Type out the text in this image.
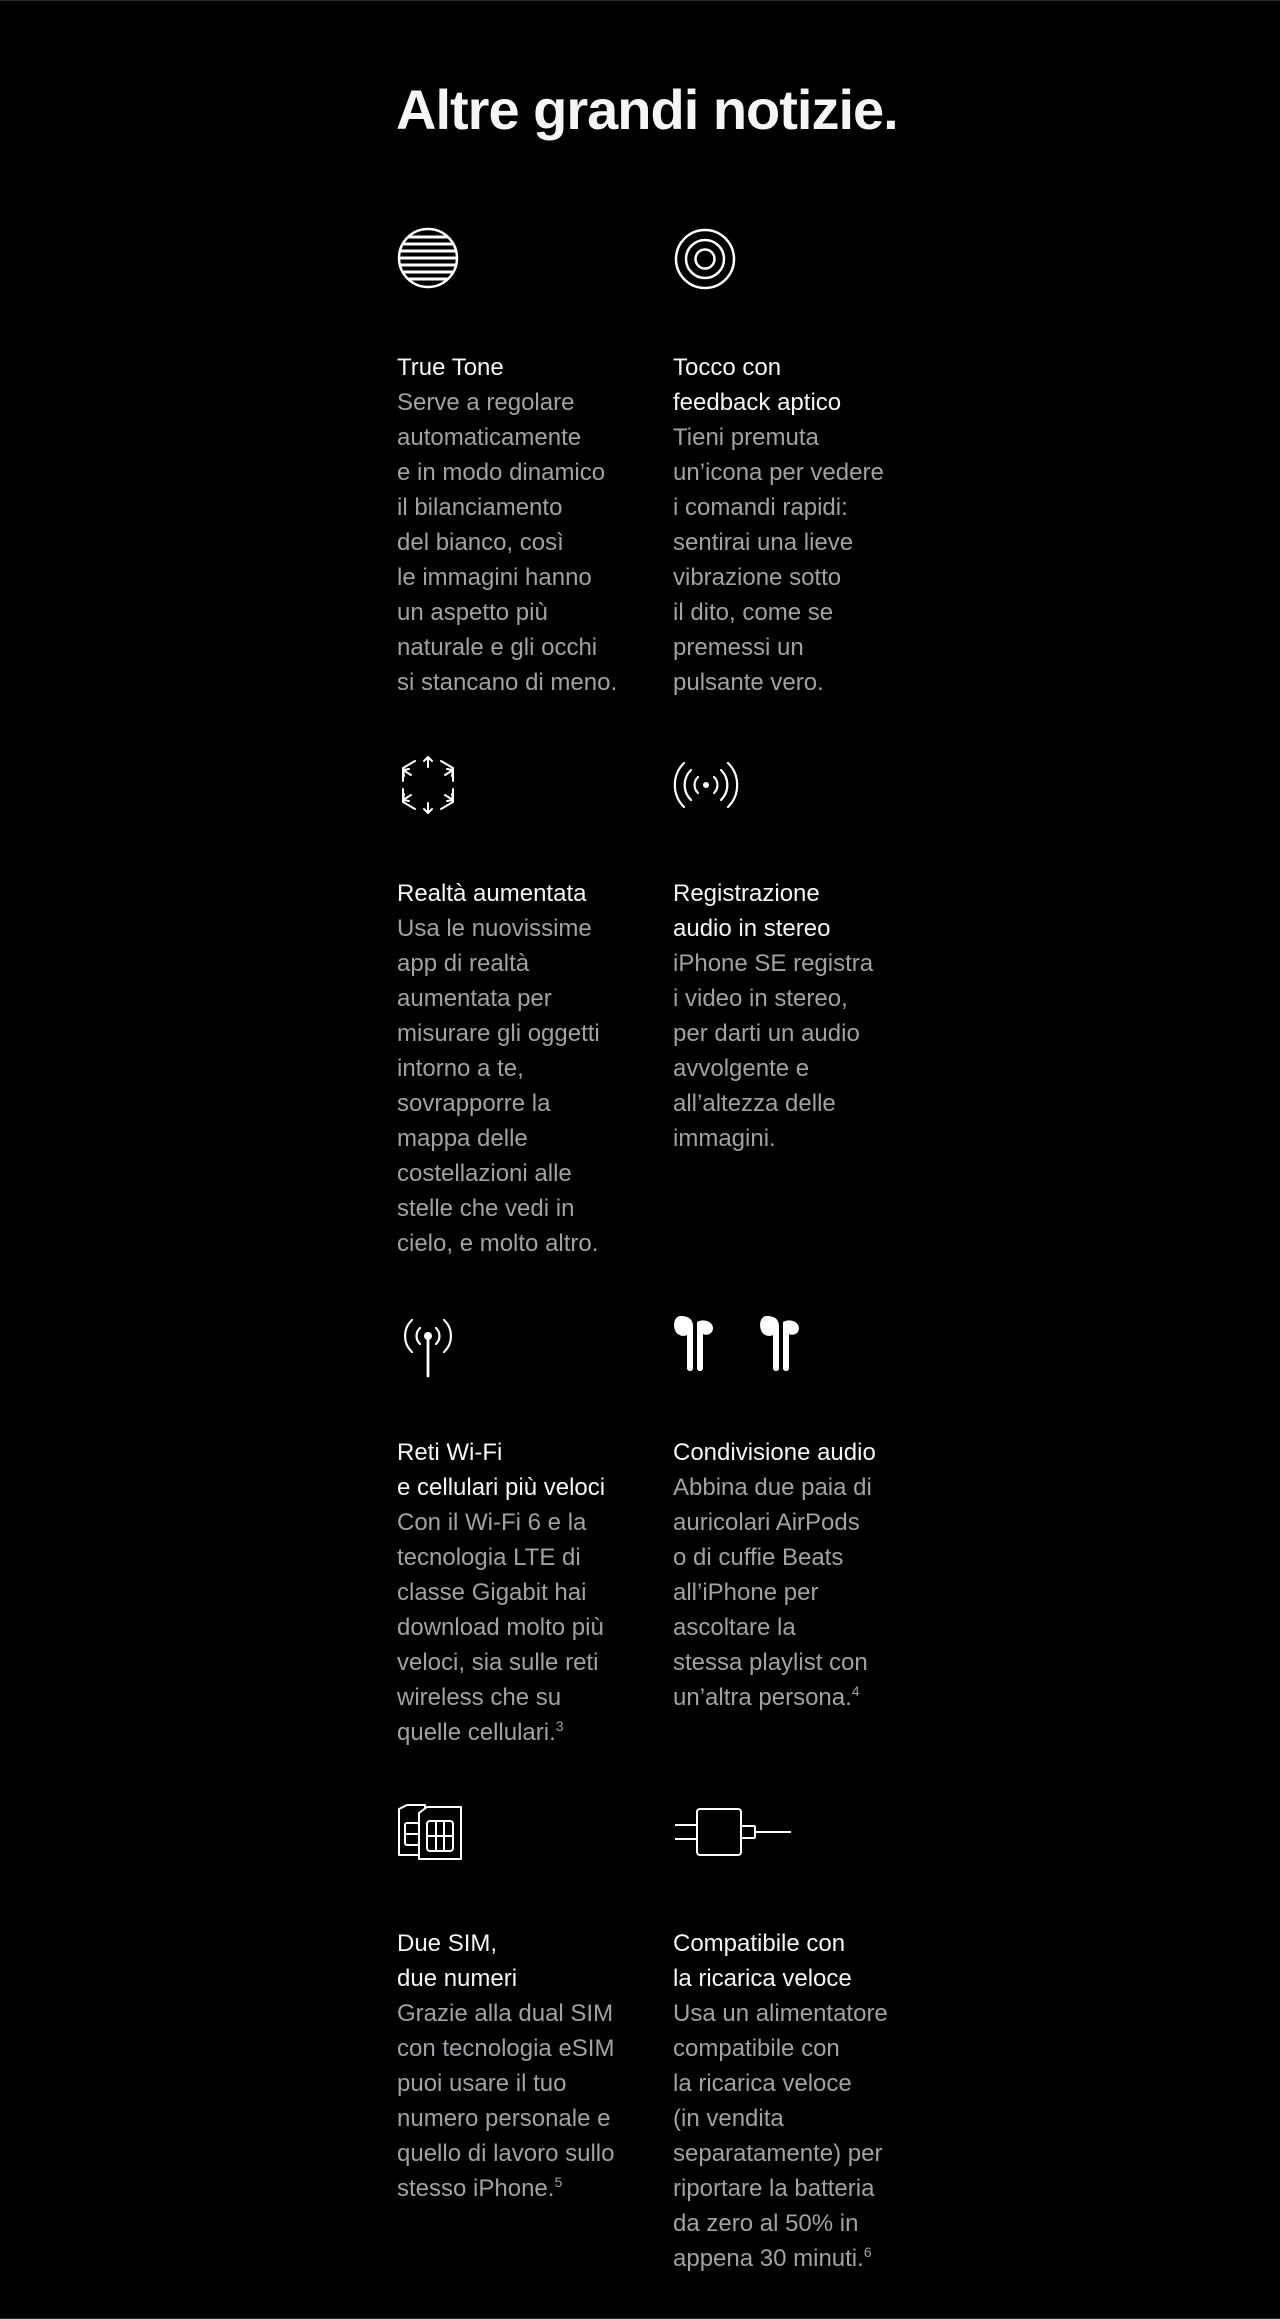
Altre grandi notizie.

True Tone
Serve a regolare
automaticamente
e in modo dinamico
il bilanciamento
del bianco, così
le immagini hanno
un aspetto più
naturale e gli occhi
si stancano di meno.

Tocco con
feedback aptico
Tieni premuta
un’icona per vedere
i comandi rapidi:
sentirai una lieve
vibrazione sotto
il dito, come se
premessi un
pulsante vero.

Realtà aumentata
Usa le nuovissime
app di realtà
aumentata per
misurare gli oggetti
intorno a te,
sovrapporre la
mappa delle
costellazioni alle
stelle che vedi in
cielo, e molto altro.

Registrazione
audio in stereo
iPhone SE registra
i video in stereo,
per darti un audio
avvolgente e
all’altezza delle
immagini.

Reti Wi-Fi
e cellulari più veloci
Con il Wi-Fi 6 e la
tecnologia LTE di
classe Gigabit hai
download molto più
veloci, sia sulle reti
wireless che su
quelle cellulari.$^3$

Condivisione audio
Abbina due paia di
auricolari AirPods
o di cuffie Beats
all’iPhone per
ascoltare la
stessa playlist con
un’altra persona.$^4$

Due SIM,
due numeri
Grazie alla dual SIM
con tecnologia eSIM
puoi usare il tuo
numero personale e
quello di lavoro sullo
stesso iPhone.$^5$

Compatibile con
la ricarica veloce
Usa un alimentatore
compatibile con
la ricarica veloce
(in vendita
separatamente) per
riportare la batteria
da zero al 50% in
appena 30 minuti.$^6$
